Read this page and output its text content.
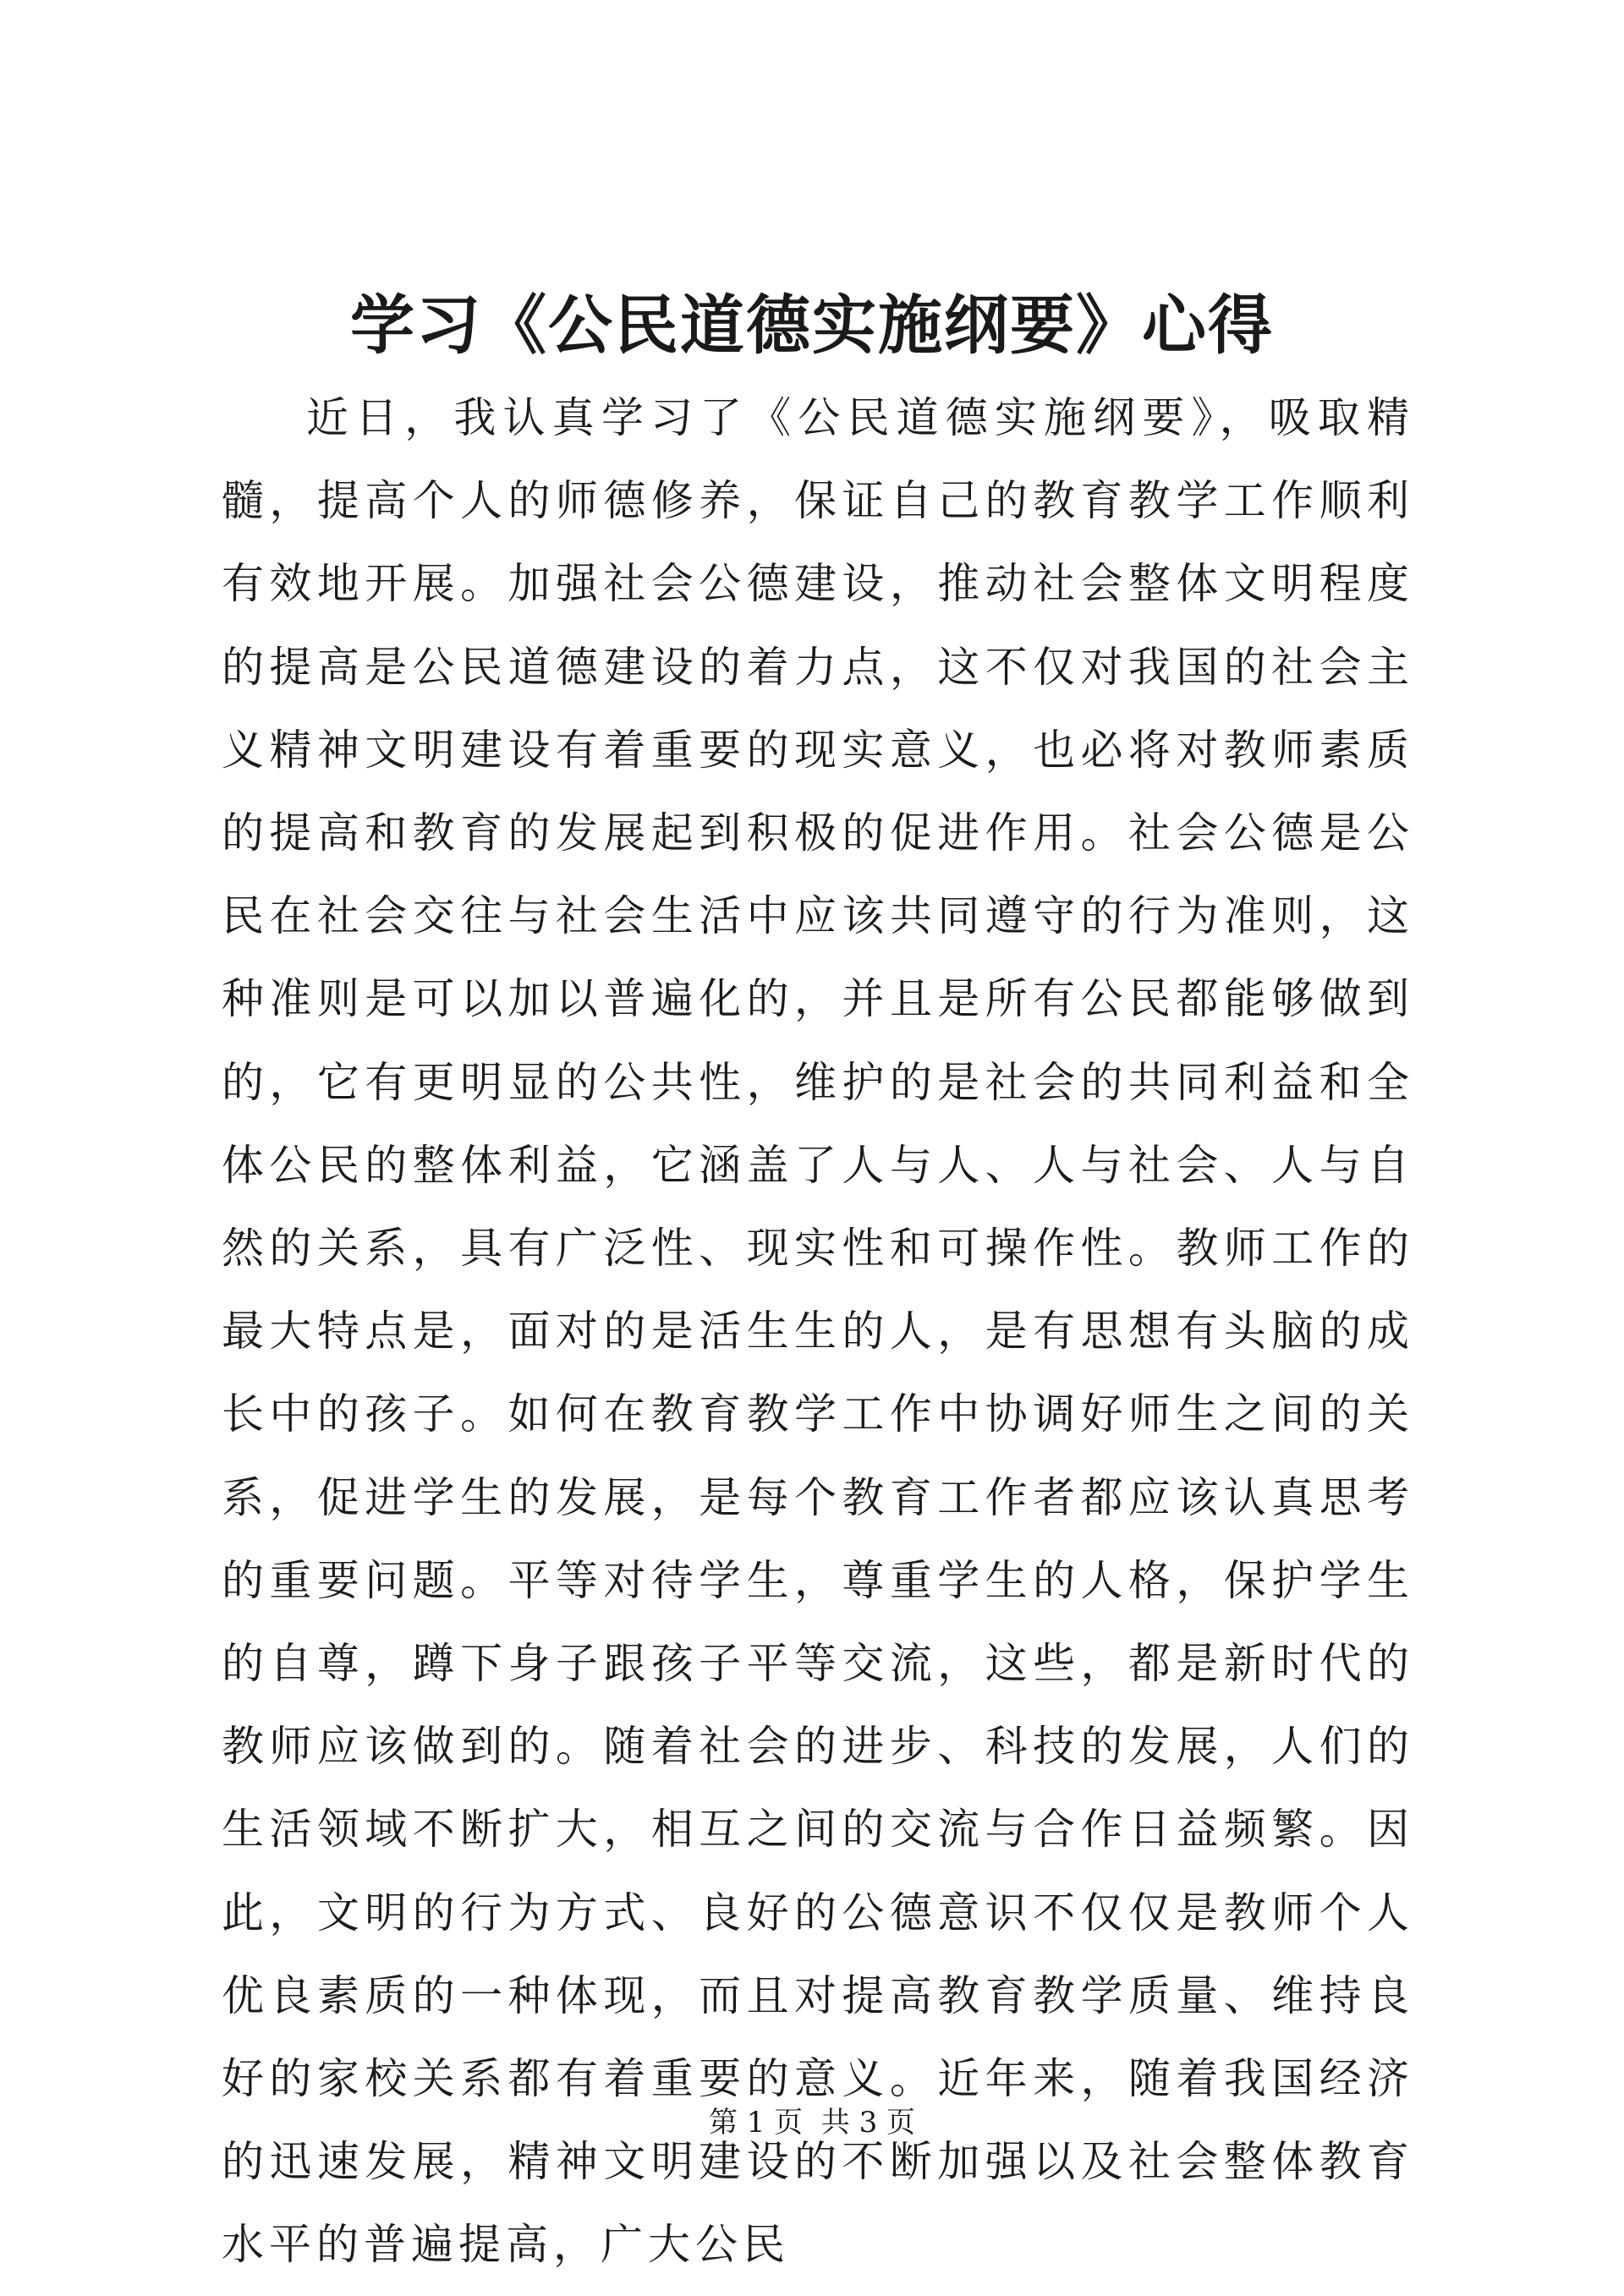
学习《公民道德实施纲要》心得

近日，我认真学习了《公民道德实施纲要》，吸取精髓，提高个人的师德修养，保证自己的教育教学工作顺利有效地开展。加强社会公德建设，推动社会整体文明程度的提高是公民道德建设的着力点，这不仅对我国的社会主义精神文明建设有着重要的现实意义，也必将对教师素质的提高和教育的发展起到积极的促进作用。社会公德是公民在社会交往与社会生活中应该共同遵守的行为准则，这种准则是可以加以普遍化的，并且是所有公民都能够做到的，它有更明显的公共性，维护的是社会的共同利益和全体公民的整体利益，它涵盖了人与人、人与社会、人与自然的关系，具有广泛性、现实性和可操作性。教师工作的最大特点是，面对的是活生生的人，是有思想有头脑的成长中的孩子。如何在教育教学工作中协调好师生之间的关系，促进学生的发展，是每个教育工作者都应该认真思考的重要问题。平等对待学生，尊重学生的人格，保护学生的自尊，蹲下身子跟孩子平等交流，这些，都是新时代的教师应该做到的。随着社会的进步、科技的发展，人们的生活领域不断扩大，相互之间的交流与合作日益频繁。因此，文明的行为方式、良好的公德意识不仅仅是教师个人优良素质的一种体现，而且对提高教育教学质量、维持良好的家校关系都有着重要的意义。近年来，随着我国经济的迅速发展，精神文明建设的不断加强以及社会整体教育水平的普遍提高，广大公民

第 1 页  共 3 页
